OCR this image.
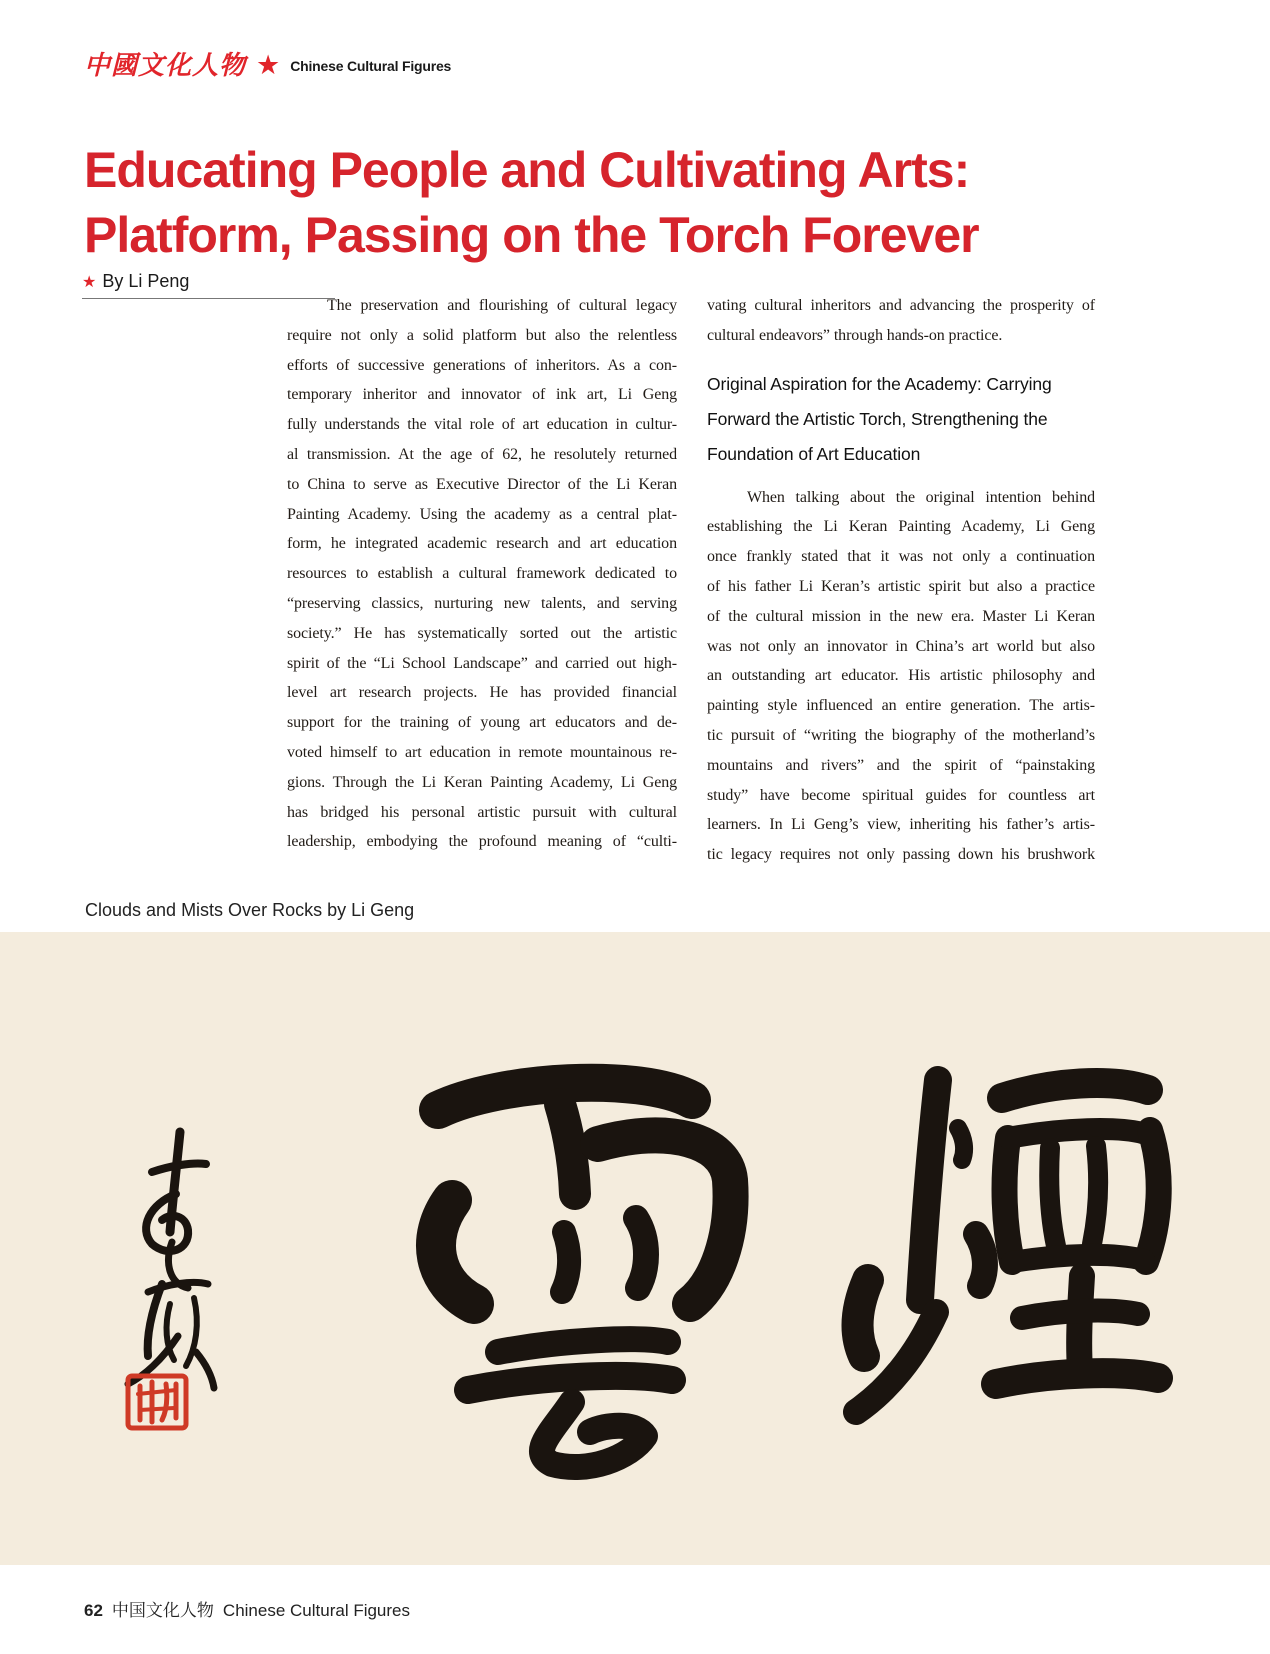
中國文化人物 ★ Chinese Cultural Figures
Educating People and Cultivating Arts:
Platform, Passing on the Torch Forever
★ By Li Peng
The preservation and flourishing of cultural legacy
require not only a solid platform but also the relentless
efforts of successive generations of inheritors. As a con-
temporary inheritor and innovator of ink art, Li Geng
fully understands the vital role of art education in cultur-
al transmission. At the age of 62, he resolutely returned
to China to serve as Executive Director of the Li Keran
Painting Academy. Using the academy as a central plat-
form, he integrated academic research and art education
resources to establish a cultural framework dedicated to
“preserving classics, nurturing new talents, and serving
society.” He has systematically sorted out the artistic
spirit of the “Li School Landscape” and carried out high-
level art research projects. He has provided financial
support for the training of young art educators and de-
voted himself to art education in remote mountainous re-
gions. Through the Li Keran Painting Academy, Li Geng
has bridged his personal artistic pursuit with cultural
leadership, embodying the profound meaning of “culti-
vating cultural inheritors and advancing the prosperity of
cultural endeavors” through hands-on practice.
Original Aspiration for the Academy: Carrying
Forward the Artistic Torch, Strengthening the
Foundation of Art Education
When talking about the original intention behind
establishing the Li Keran Painting Academy, Li Geng
once frankly stated that it was not only a continuation
of his father Li Keran’s artistic spirit but also a practice
of the cultural mission in the new era. Master Li Keran
was not only an innovator in China’s art world but also
an outstanding art educator. His artistic philosophy and
painting style influenced an entire generation. The artis-
tic pursuit of “writing the biography of the motherland’s
mountains and rivers” and the spirit of “painstaking
study” have become spiritual guides for countless art
learners. In Li Geng’s view, inheriting his father’s artis-
tic legacy requires not only passing down his brushwork
Clouds and Mists Over Rocks by Li Geng
62 中国文化人物 Chinese Cultural Figures
